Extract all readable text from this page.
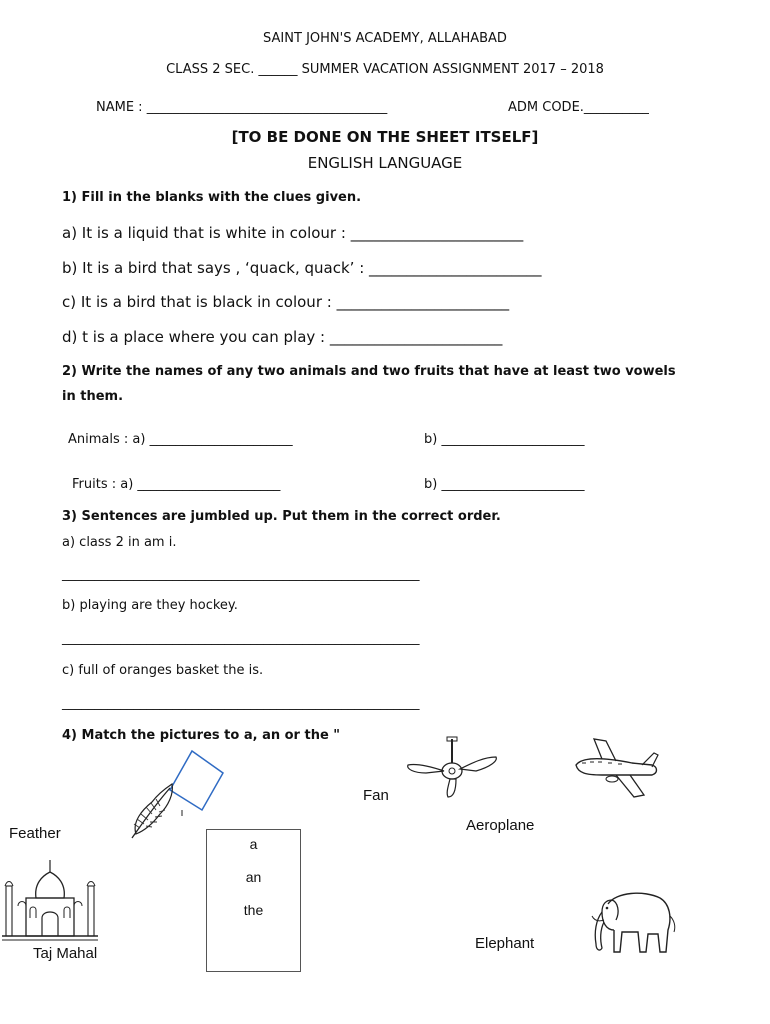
SAINT JOHN'S ACADEMY, ALLAHABAD
CLASS 2 SEC. ______ SUMMER VACATION ASSIGNMENT 2017 – 2018
NAME : _____________________________________	ADM CODE.__________
[TO BE DONE ON THE SHEET ITSELF]
ENGLISH LANGUAGE
1) Fill in the blanks with the clues given.
a) It is a liquid that is white in colour : _______________________
b) It is a bird that says , ‘quack, quack’ : _______________________
c) It is a bird that is black in colour : _______________________
d) t is a place where you can play : _______________________
2) Write the names of any two animals and two fruits that have at least two vowels
in them.
Animals : a) ______________________	b) ______________________
Fruits : a) ______________________	b) ______________________
3) Sentences are jumbled up. Put them in the correct order.
a) class 2 in am i.
_______________________________________________________
b) playing are they hockey.
_______________________________________________________
c) full of oranges basket the is.
_______________________________________________________
4) Match the pictures to a, an or the "
a
an
the
Feather
Fan
Aeroplane
Taj Mahal
Elephant
